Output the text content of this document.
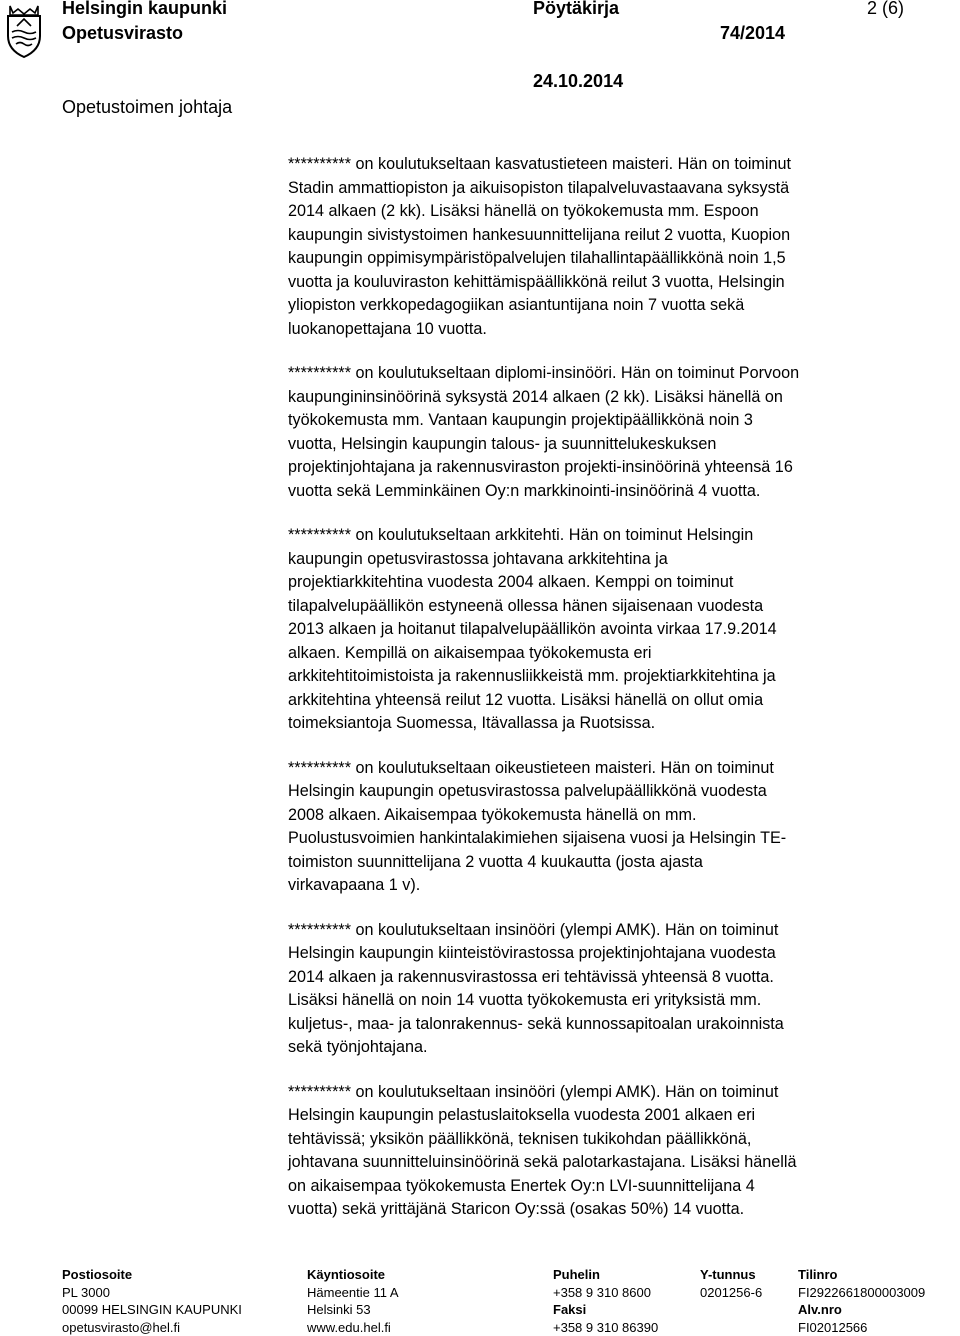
Helsingin kaupunki
Opetusvirasto
Pöytäkirja
74/2014
2 (6)
24.10.2014
Opetustoimen johtaja
********** on koulutukseltaan kasvatustieteen maisteri. Hän on toiminut
Stadin ammattiopiston ja aikuisopiston tilapalveluvastaavana syksystä
2014 alkaen (2 kk). Lisäksi hänellä on työkokemusta mm. Espoon
kaupungin sivistystoimen hankesuunnittelijana reilut 2 vuotta, Kuopion
kaupungin oppimisympäristöpalvelujen tilahallintapäällikkönä noin 1,5
vuotta ja kouluviraston kehittämispäällikkönä reilut 3 vuotta, Helsingin
yliopiston verkkopedagogiikan asiantuntijana noin 7 vuotta sekä
luokanopettajana 10 vuotta.
********** on koulutukseltaan diplomi-insinööri. Hän on toiminut Porvoon
kaupungininsinöörinä syksystä 2014 alkaen (2 kk). Lisäksi hänellä on
työkokemusta mm. Vantaan kaupungin projektipäällikkönä noin 3
vuotta, Helsingin kaupungin talous- ja suunnittelukeskuksen
projektinjohtajana ja rakennusviraston projekti-insinöörinä yhteensä 16
vuotta sekä Lemminkäinen Oy:n markkinointi-insinöörinä 4 vuotta.
********** on koulutukseltaan arkkitehti. Hän on toiminut Helsingin
kaupungin opetusvirastossa johtavana arkkitehtina ja
projektiarkkitehtina vuodesta 2004 alkaen. Kemppi on toiminut
tilapalvelupäällikön estyneenä ollessa hänen sijaisenaan vuodesta
2013 alkaen ja hoitanut tilapalvelupäällikön avointa virkaa 17.9.2014
alkaen. Kempillä on aikaisempaa työkokemusta eri
arkkitehtitoimistoista ja rakennusliikkeistä mm. projektiarkkitehtina ja
arkkitehtina yhteensä reilut 12 vuotta. Lisäksi hänellä on ollut omia
toimeksiantoja Suomessa, Itävallassa ja Ruotsissa.
********** on koulutukseltaan oikeustieteen maisteri. Hän on toiminut
Helsingin kaupungin opetusvirastossa palvelupäällikkönä vuodesta
2008 alkaen. Aikaisempaa työkokemusta hänellä on mm.
Puolustusvoimien hankintalakimiehen sijaisena vuosi ja Helsingin TE-
toimiston suunnittelijana 2 vuotta 4 kuukautta (josta ajasta
virkavapaana 1 v).
********** on koulutukseltaan insinööri (ylempi AMK). Hän on toiminut
Helsingin kaupungin kiinteistövirastossa projektinjohtajana vuodesta
2014 alkaen ja rakennusvirastossa eri tehtävissä yhteensä 8 vuotta.
Lisäksi hänellä on noin 14 vuotta työkokemusta eri yrityksistä mm.
kuljetus-, maa- ja talonrakennus- sekä kunnossapitoalan urakoinnista
sekä työnjohtajana.
********** on koulutukseltaan insinööri (ylempi AMK). Hän on toiminut
Helsingin kaupungin pelastuslaitoksella vuodesta 2001 alkaen eri
tehtävissä; yksikön päällikkönä, teknisen tukikohdan päällikkönä,
johtavana suunnitteluinsinöörinä sekä palotarkastajana. Lisäksi hänellä
on aikaisempaa työkokemusta Enertek Oy:n LVI-suunnittelijana 4
vuotta) sekä yrittäjänä Staricon Oy:ssä (osakas 50%) 14 vuotta.
Postiosoite
PL 3000
00099 HELSINGIN KAUPUNKI
opetusvirasto@hel.fi
Käyntiosoite
Hämeentie 11 A
Helsinki 53
www.edu.hel.fi
Puhelin
+358 9 310 8600
Faksi
+358 9 310 86390
Y-tunnus
0201256-6
Tilinro
FI2922661800003009
Alv.nro
FI02012566
